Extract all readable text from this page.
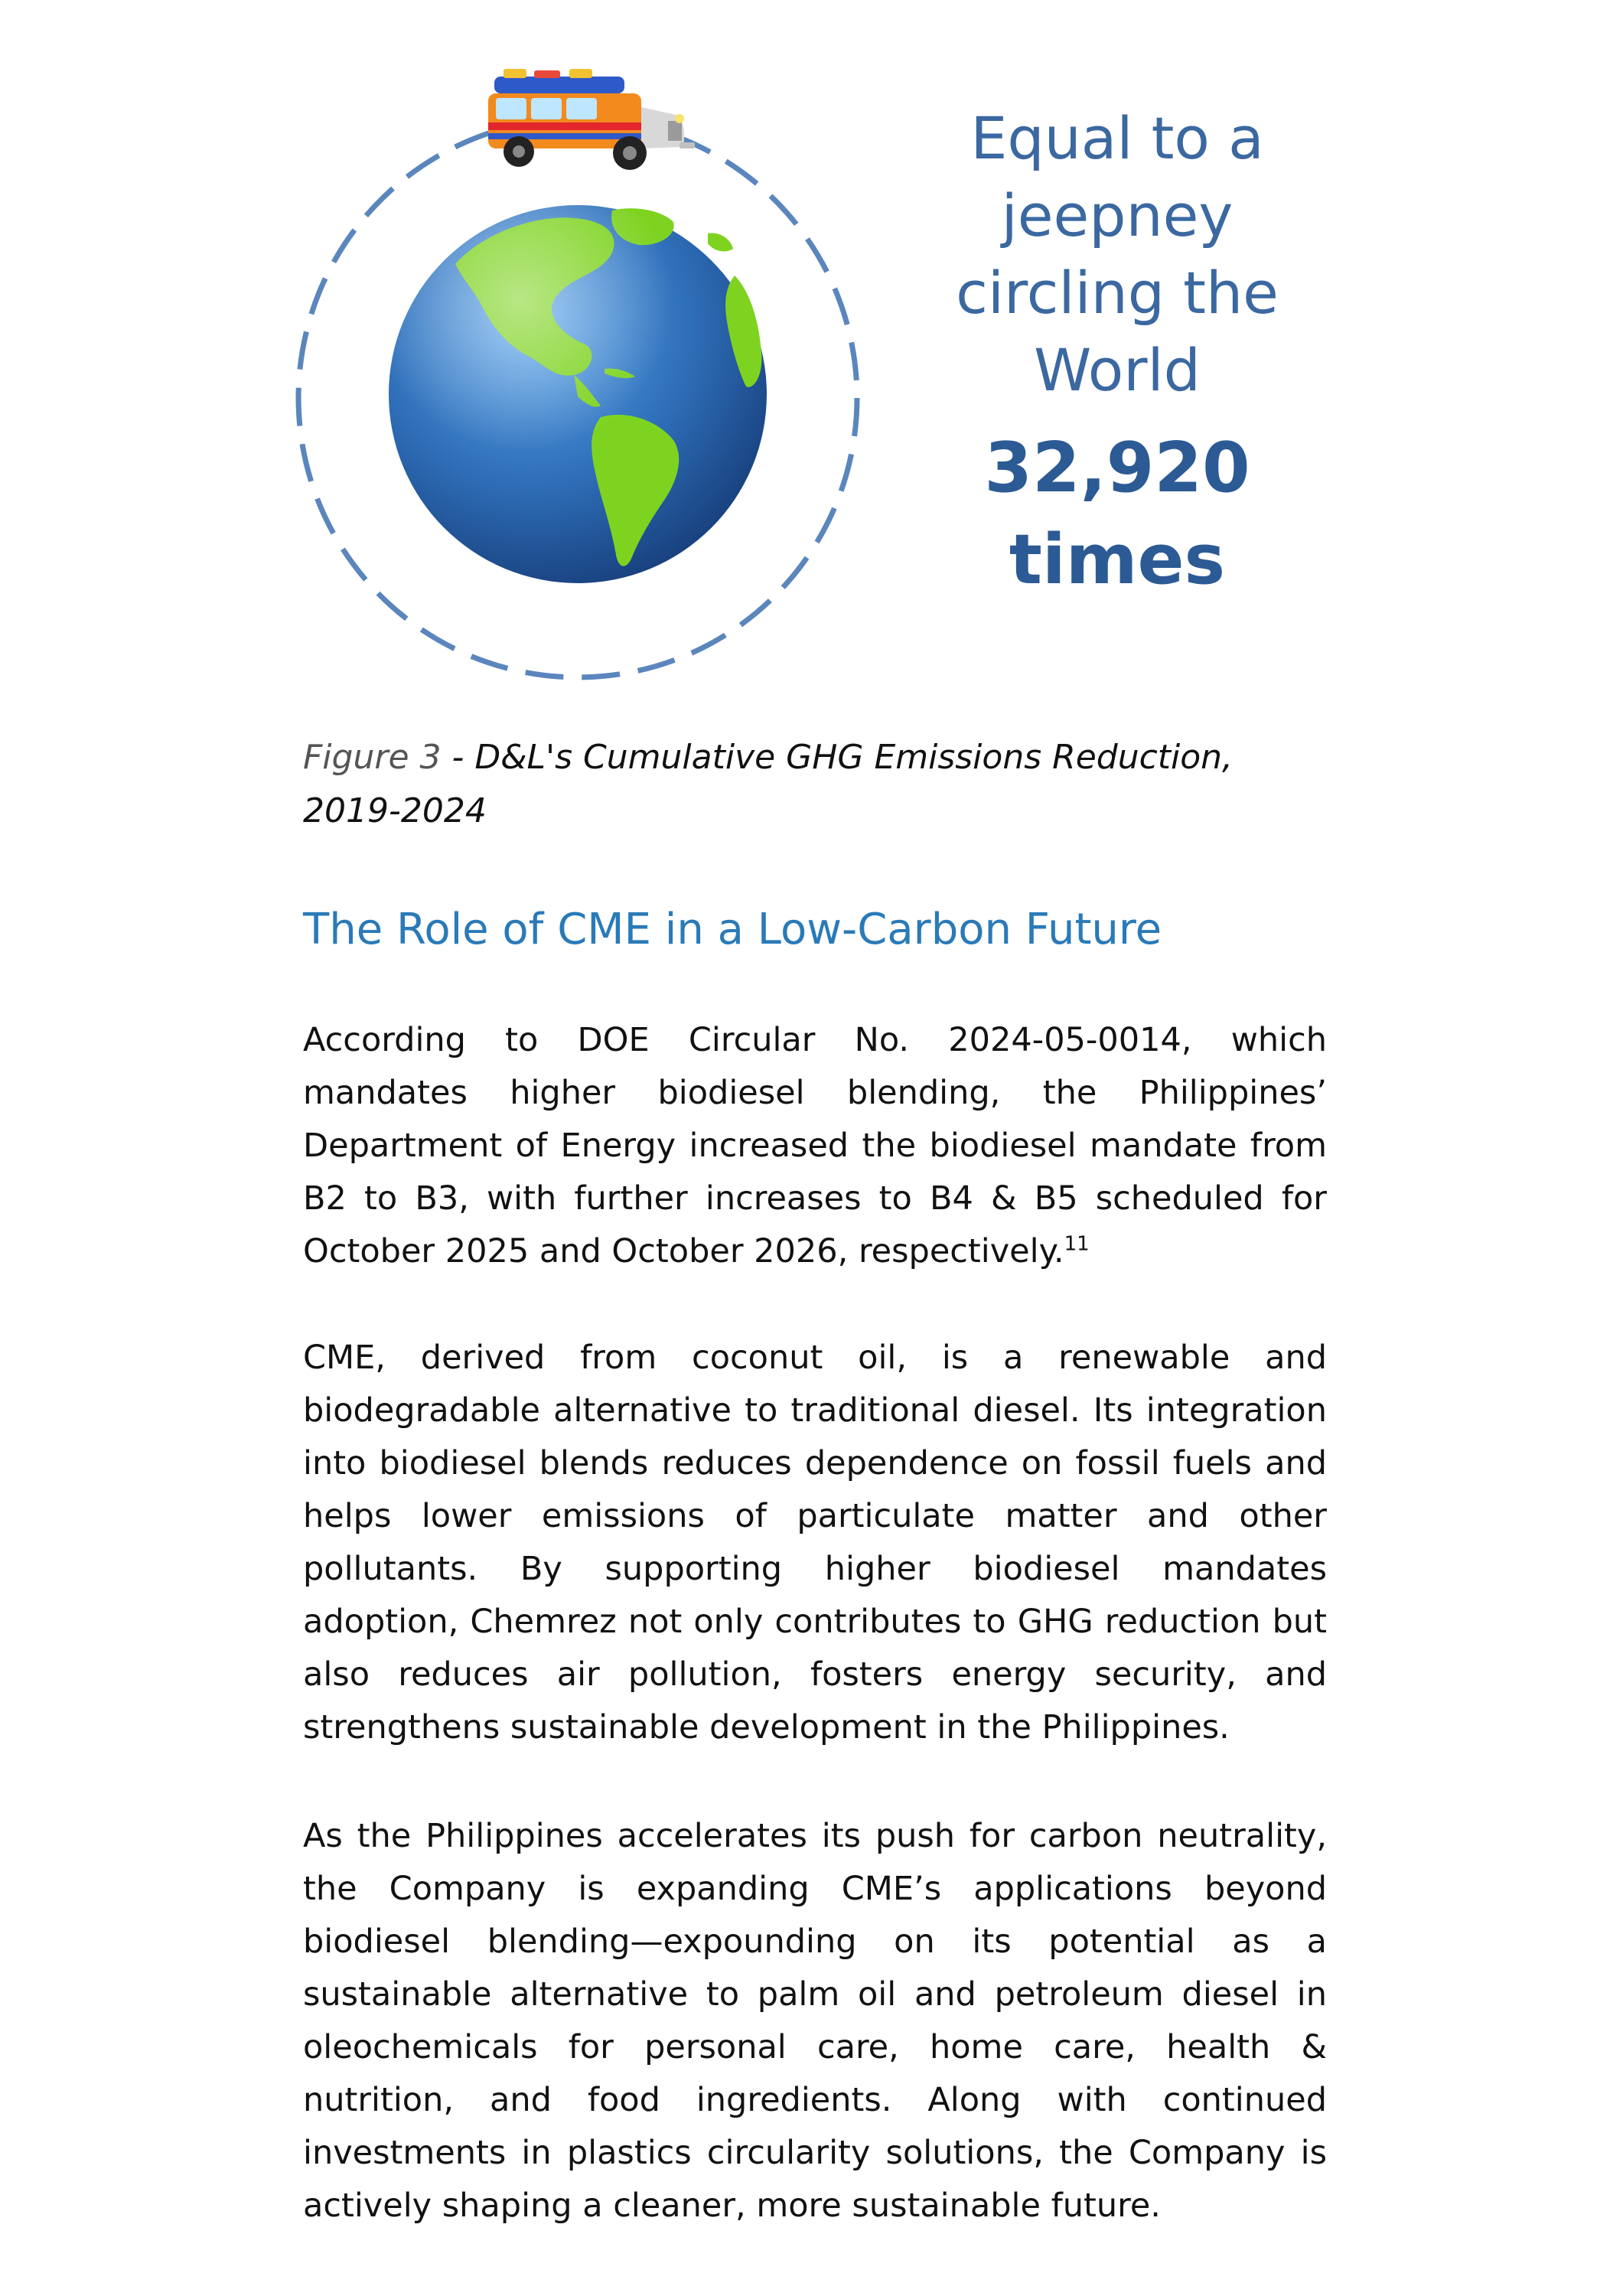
Equal to a
jeepney
circling the
World
32,920
times
Figure 3 - D&L's Cumulative GHG Emissions Reduction, 2019-2024
The Role of CME in a Low-Carbon Future

According to DOE Circular No. 2024-05-0014, which mandates higher biodiesel blending, the Philippines’ Department of Energy increased the biodiesel mandate from B2 to B3, with further increases to B4 & B5 scheduled for October 2025 and October 2026, respectively.$^{11}$

CME, derived from coconut oil, is a renewable and biodegradable alternative to traditional diesel. Its integration into biodiesel blends reduces dependence on fossil fuels and helps lower emissions of particulate matter and other pollutants. By supporting higher biodiesel mandates adoption, Chemrez not only contributes to GHG reduction but also reduces air pollution, fosters energy security, and strengthens sustainable development in the Philippines.

As the Philippines accelerates its push for carbon neutrality, the Company is expanding CME’s applications beyond biodiesel blending—expounding on its potential as a sustainable alternative to palm oil and petroleum diesel in oleochemicals for personal care, home care, health & nutrition, and food ingredients. Along with continued investments in plastics circularity solutions, the Company is actively shaping a cleaner, more sustainable future.
